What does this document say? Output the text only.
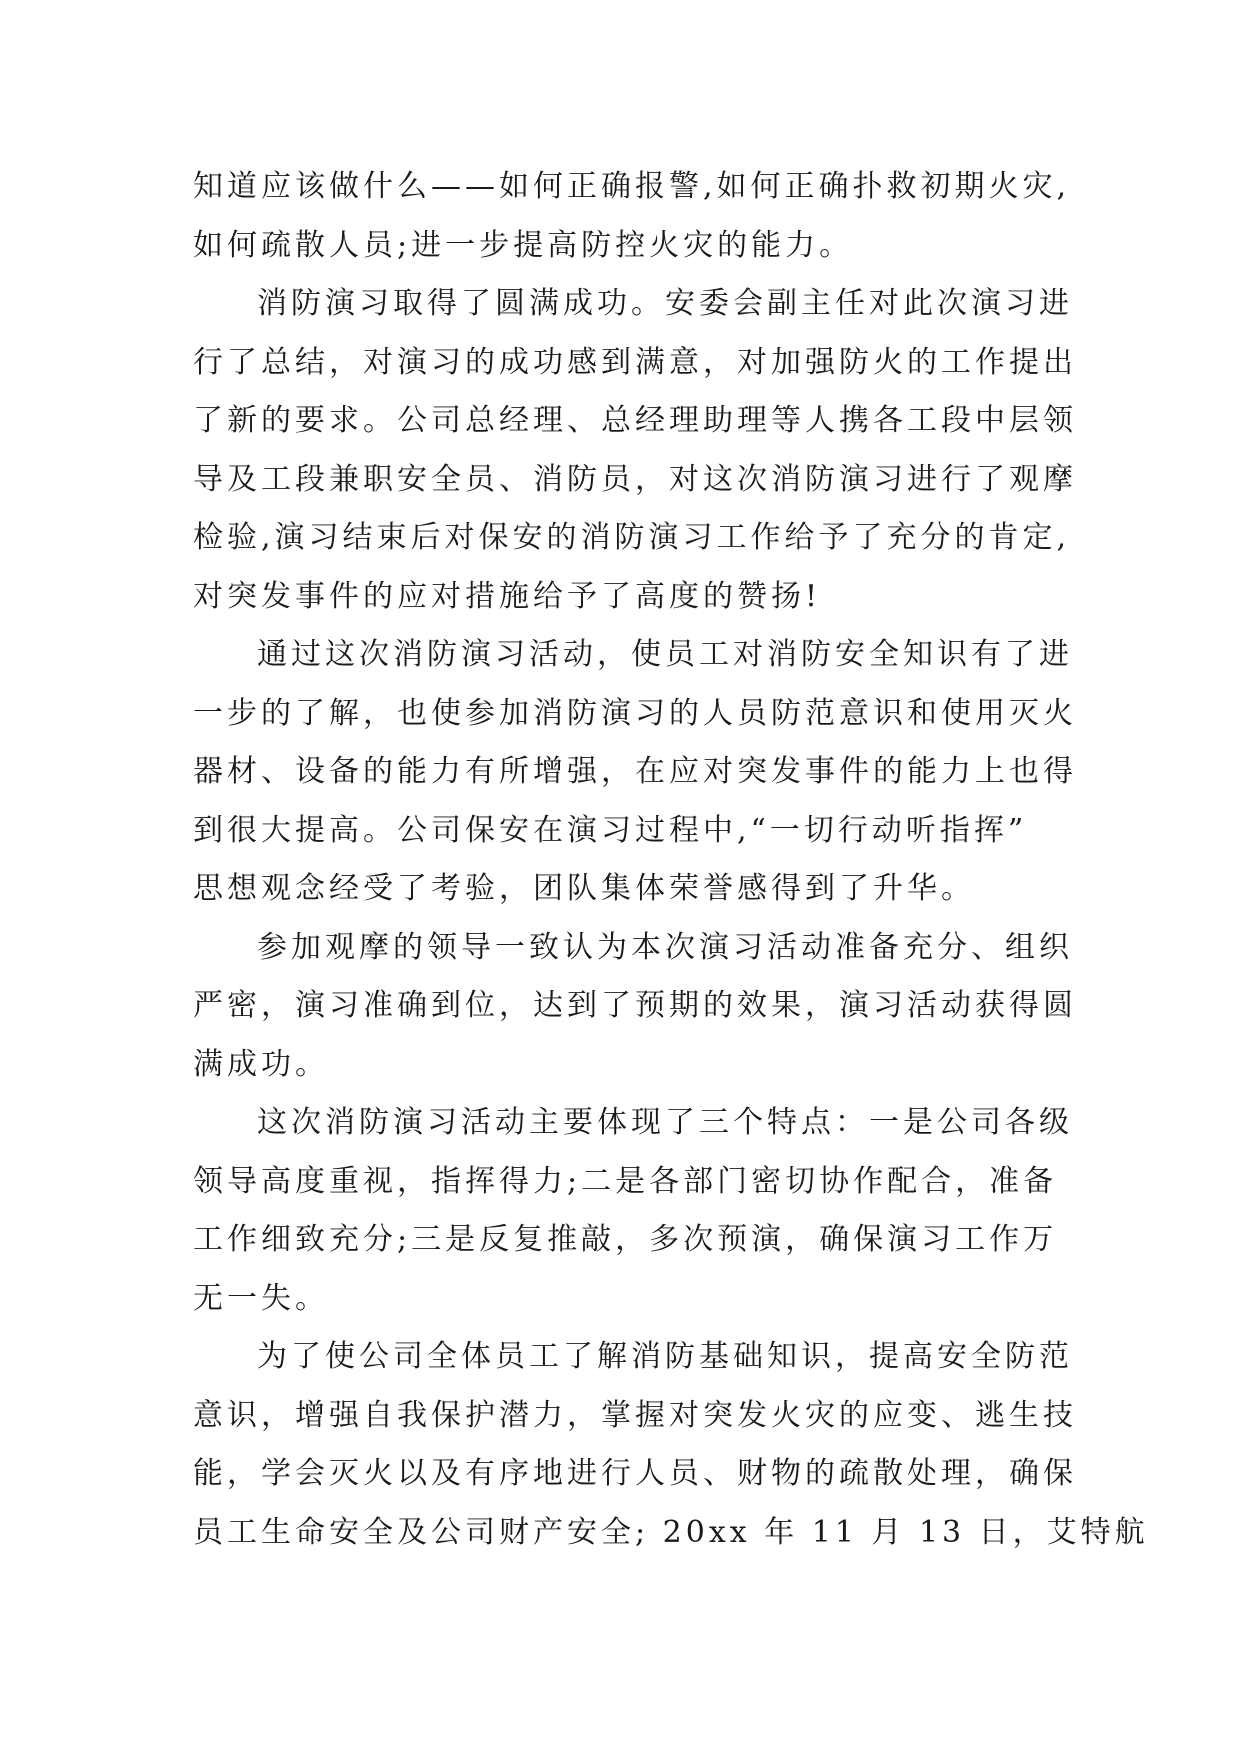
知道应该做什么——如何正确报警,如何正确扑救初期火灾,
如何疏散人员;进一步提高防控火灾的能力。
消防演习取得了圆满成功。安委会副主任对此次演习进
行了总结，对演习的成功感到满意，对加强防火的工作提出
了新的要求。公司总经理、总经理助理等人携各工段中层领
导及工段兼职安全员、消防员，对这次消防演习进行了观摩
检验,演习结束后对保安的消防演习工作给予了充分的肯定,
对突发事件的应对措施给予了高度的赞扬!
通过这次消防演习活动，使员工对消防安全知识有了进
一步的了解，也使参加消防演习的人员防范意识和使用灭火
器材、设备的能力有所增强，在应对突发事件的能力上也得
到很大提高。公司保安在演习过程中,“一切行动听指挥”
思想观念经受了考验，团队集体荣誉感得到了升华。
参加观摩的领导一致认为本次演习活动准备充分、组织
严密，演习准确到位，达到了预期的效果，演习活动获得圆
满成功。
这次消防演习活动主要体现了三个特点：一是公司各级
领导高度重视，指挥得力;二是各部门密切协作配合，准备
工作细致充分;三是反复推敲，多次预演，确保演习工作万
无一失。
为了使公司全体员工了解消防基础知识，提高安全防范
意识，增强自我保护潜力，掌握对突发火灾的应变、逃生技
能，学会灭火以及有序地进行人员、财物的疏散处理，确保
员工生命安全及公司财产安全; 20xx 年 11 月 13 日，艾特航
